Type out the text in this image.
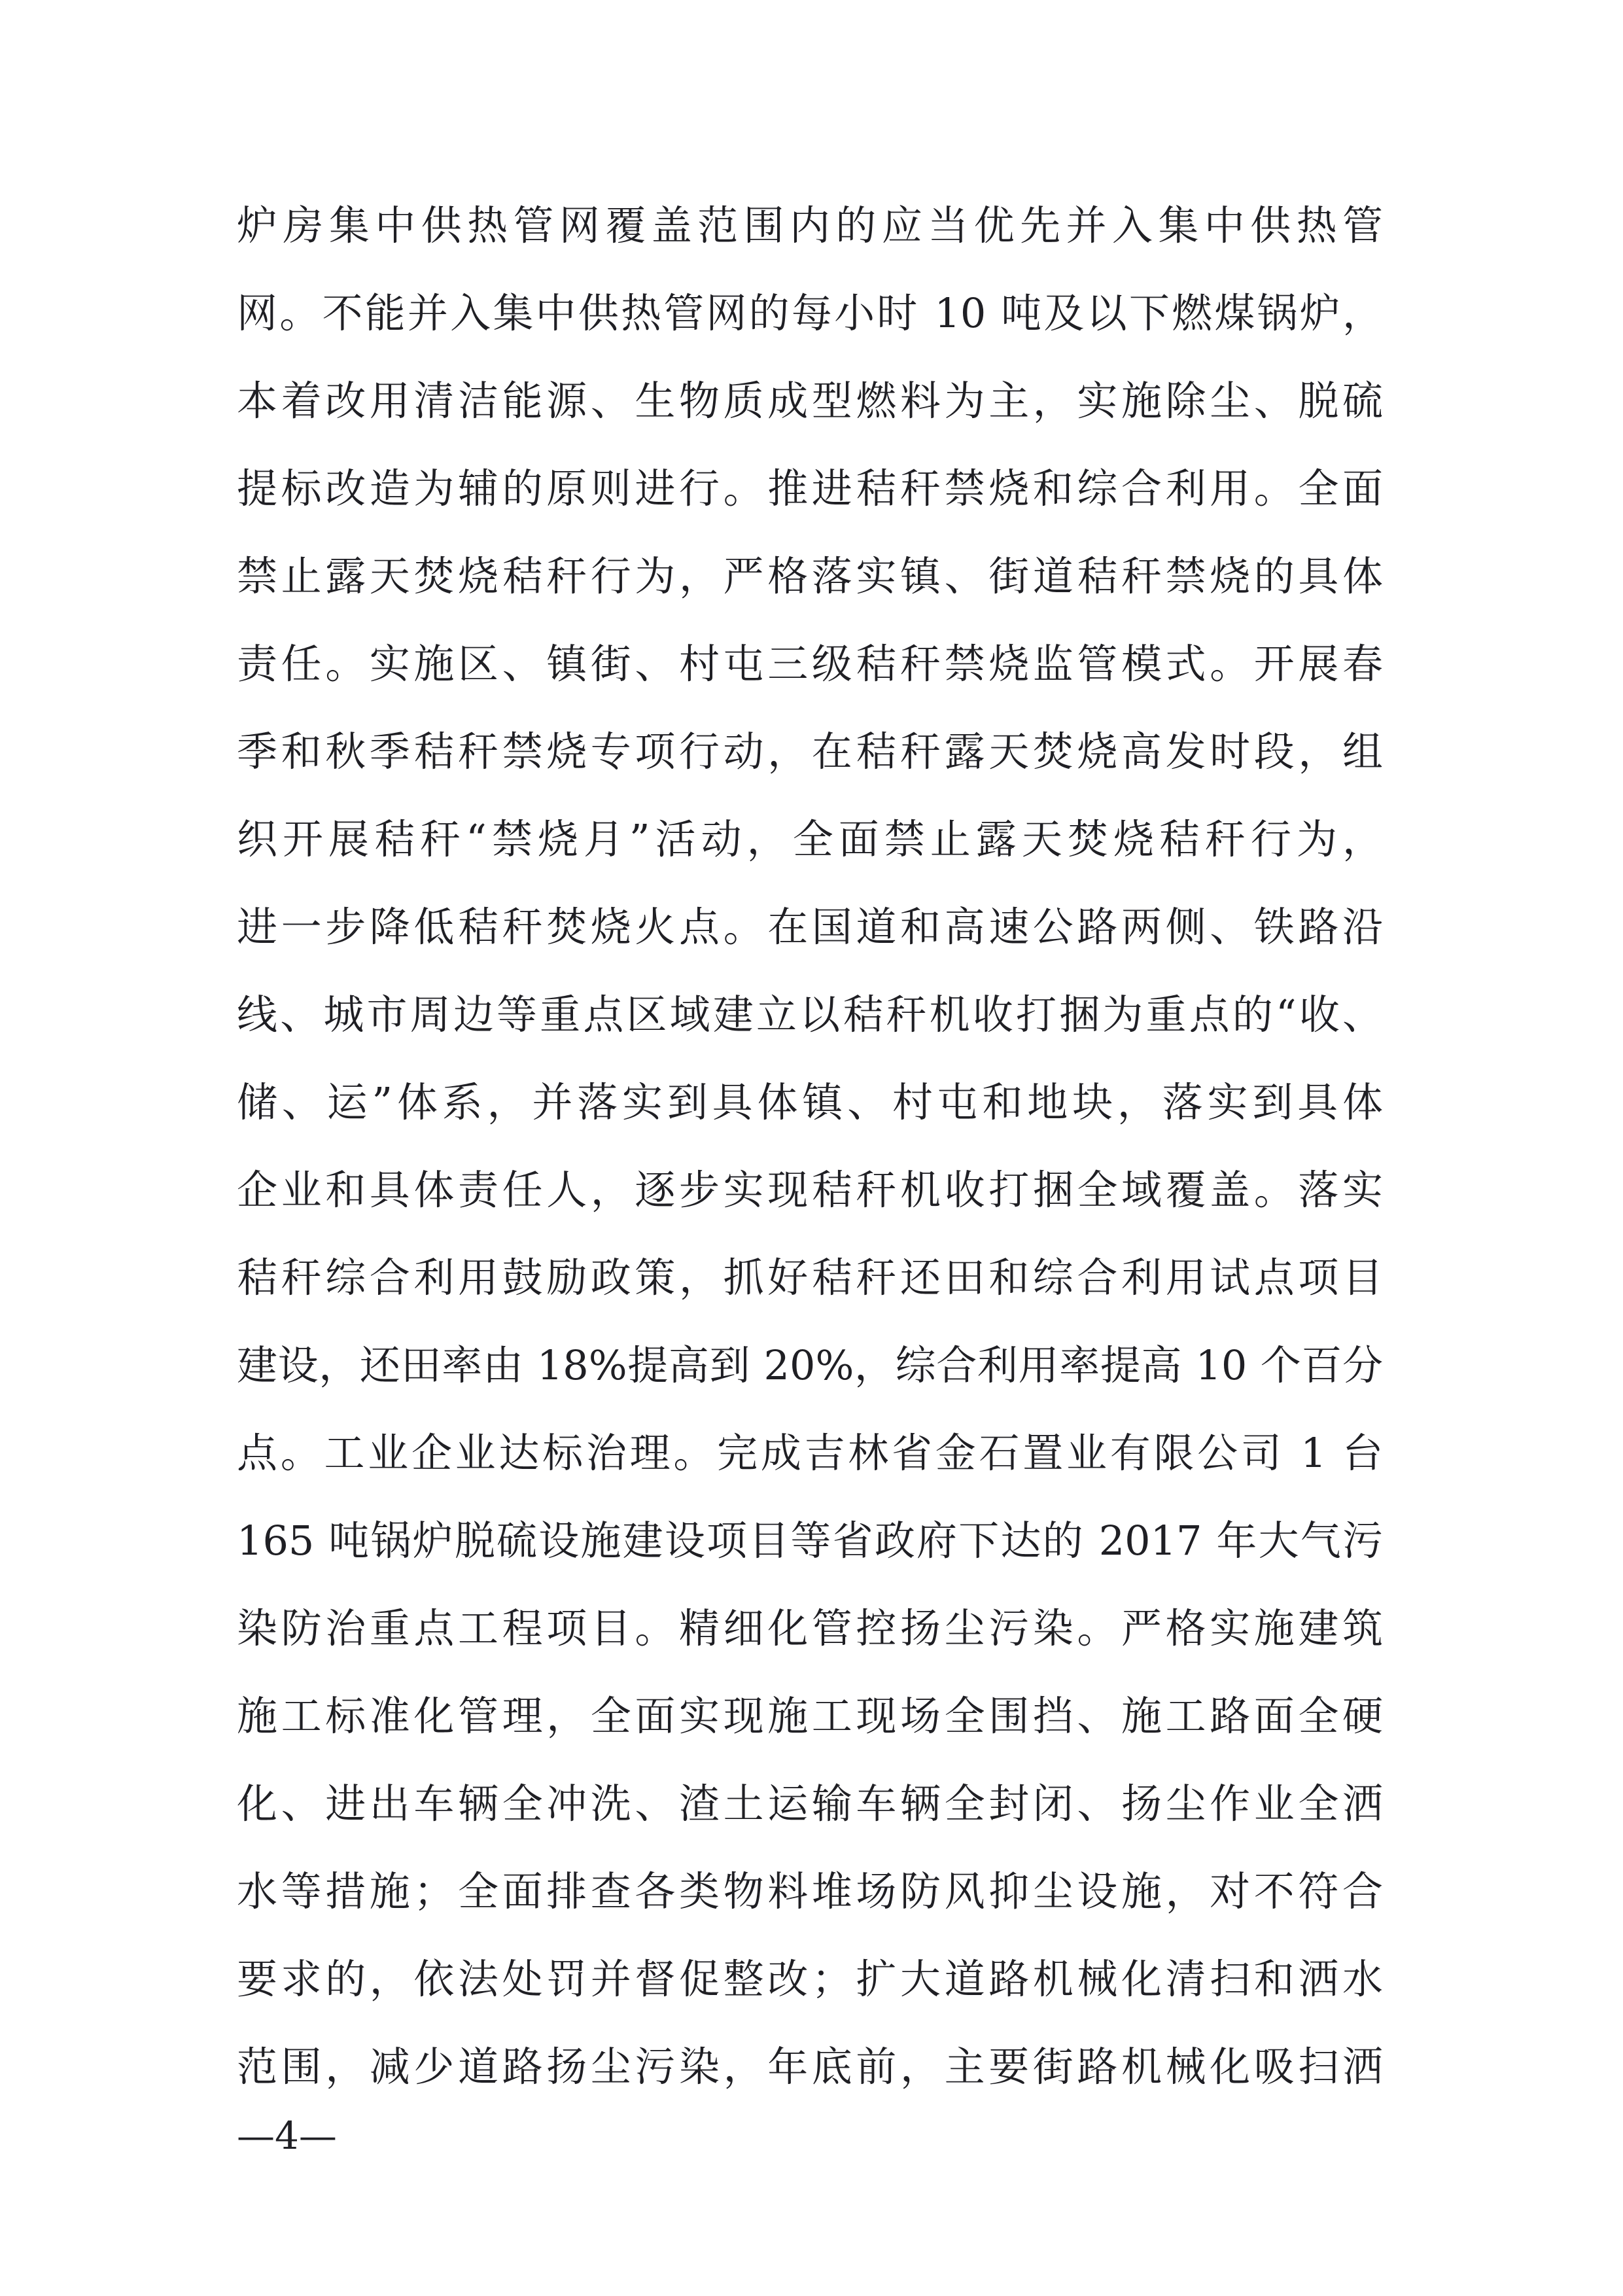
炉房集中供热管网覆盖范围内的应当优先并入集中供热管
网。不能并入集中供热管网的每小时 10 吨及以下燃煤锅炉，
本着改用清洁能源、生物质成型燃料为主，实施除尘、脱硫
提标改造为辅的原则进行。推进秸秆禁烧和综合利用。全面
禁止露天焚烧秸秆行为，严格落实镇、街道秸秆禁烧的具体
责任。实施区、镇街、村屯三级秸秆禁烧监管模式。开展春
季和秋季秸秆禁烧专项行动，在秸秆露天焚烧高发时段，组
织开展秸秆“禁烧月”活动，全面禁止露天焚烧秸秆行为，
进一步降低秸秆焚烧火点。在国道和高速公路两侧、铁路沿
线、城市周边等重点区域建立以秸秆机收打捆为重点的“收、
储、运”体系，并落实到具体镇、村屯和地块，落实到具体
企业和具体责任人，逐步实现秸秆机收打捆全域覆盖。落实
秸秆综合利用鼓励政策，抓好秸秆还田和综合利用试点项目
建设，还田率由 18%提高到 20%，综合利用率提高 10 个百分
点。工业企业达标治理。完成吉林省金石置业有限公司 1 台
165 吨锅炉脱硫设施建设项目等省政府下达的 2017 年大气污
染防治重点工程项目。精细化管控扬尘污染。严格实施建筑
施工标准化管理，全面实现施工现场全围挡、施工路面全硬
化、进出车辆全冲洗、渣土运输车辆全封闭、扬尘作业全洒
水等措施；全面排查各类物料堆场防风抑尘设施，对不符合
要求的，依法处罚并督促整改；扩大道路机械化清扫和洒水
范围，减少道路扬尘污染，年底前，主要街路机械化吸扫洒
—4—
